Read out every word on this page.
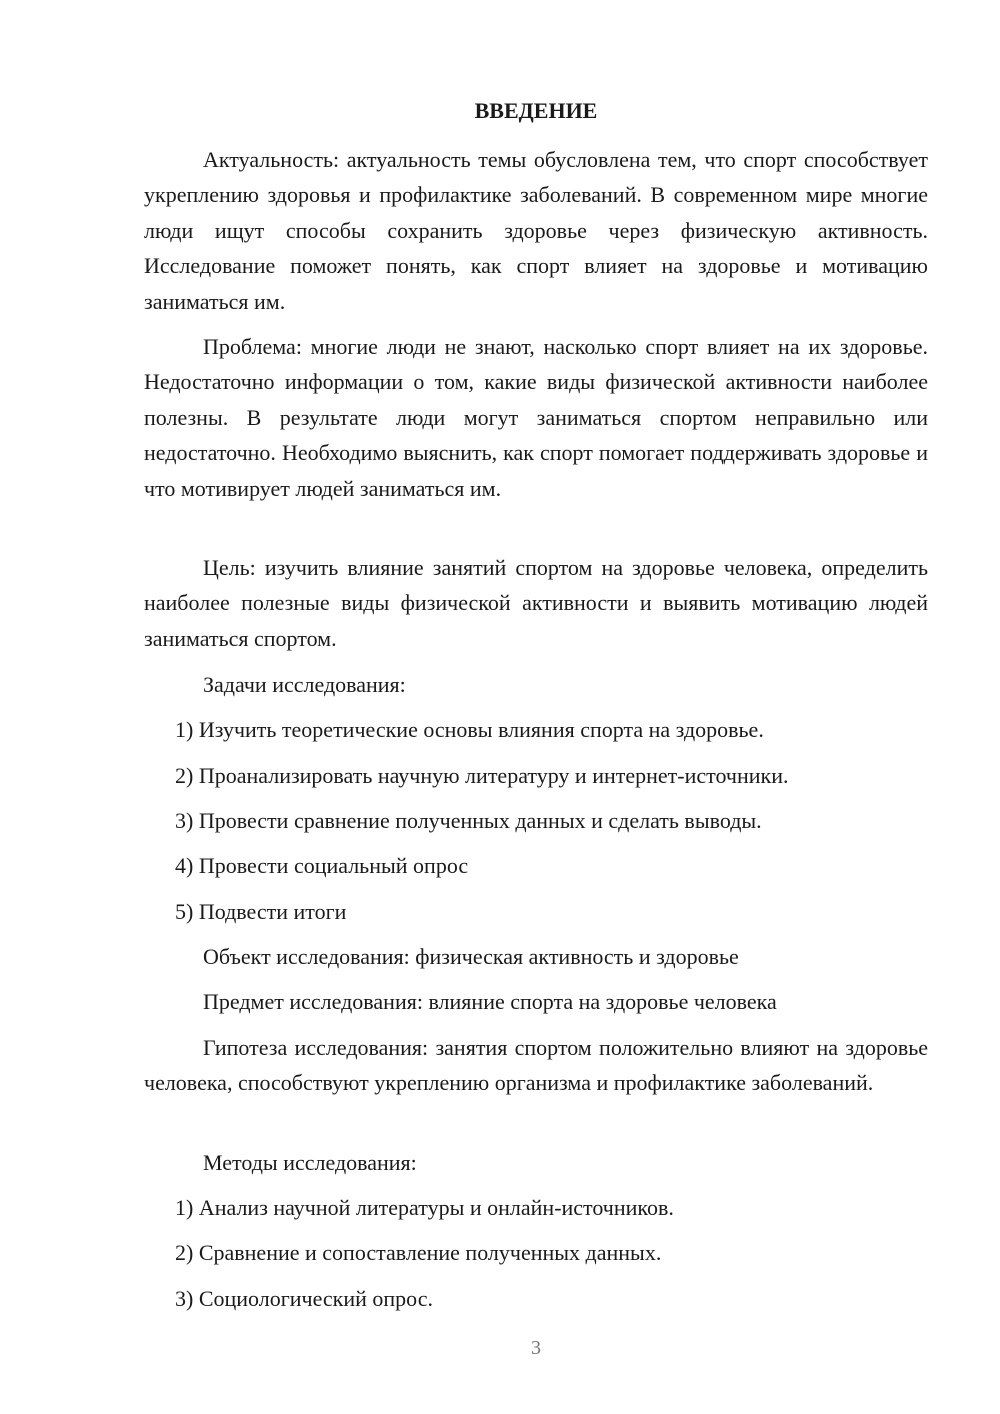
ВВЕДЕНИЕ

Актуальность: актуальность темы обусловлена тем, что спорт способствует укреплению здоровья и профилактике заболеваний. В современном мире многие люди ищут способы сохранить здоровье через физическую активность. Исследование поможет понять, как спорт влияет на здоровье и мотивацию заниматься им.

Проблема: многие люди не знают, насколько спорт влияет на их здоровье. Недостаточно информации о том, какие виды физической активности наиболее полезны. В результате люди могут заниматься спортом неправильно или недостаточно. Необходимо выяснить, как спорт помогает поддерживать здоровье и что мотивирует людей заниматься им.

Цель: изучить влияние занятий спортом на здоровье человека, определить наиболее полезные виды физической активности и выявить мотивацию людей заниматься спортом.

Задачи исследования:

1) Изучить теоретические основы влияния спорта на здоровье.

2) Проанализировать научную литературу и интернет-источники.

3) Провести сравнение полученных данных и сделать выводы.

4) Провести социальный опрос

5) Подвести итоги

Объект исследования: физическая активность и здоровье

Предмет исследования: влияние спорта на здоровье человека

Гипотеза исследования: занятия спортом положительно влияют на здоровье человека, способствуют укреплению организма и профилактике заболеваний.

Методы исследования:

1) Анализ научной литературы и онлайн-источников.

2) Сравнение и сопоставление полученных данных.

3) Социологический опрос.

3
